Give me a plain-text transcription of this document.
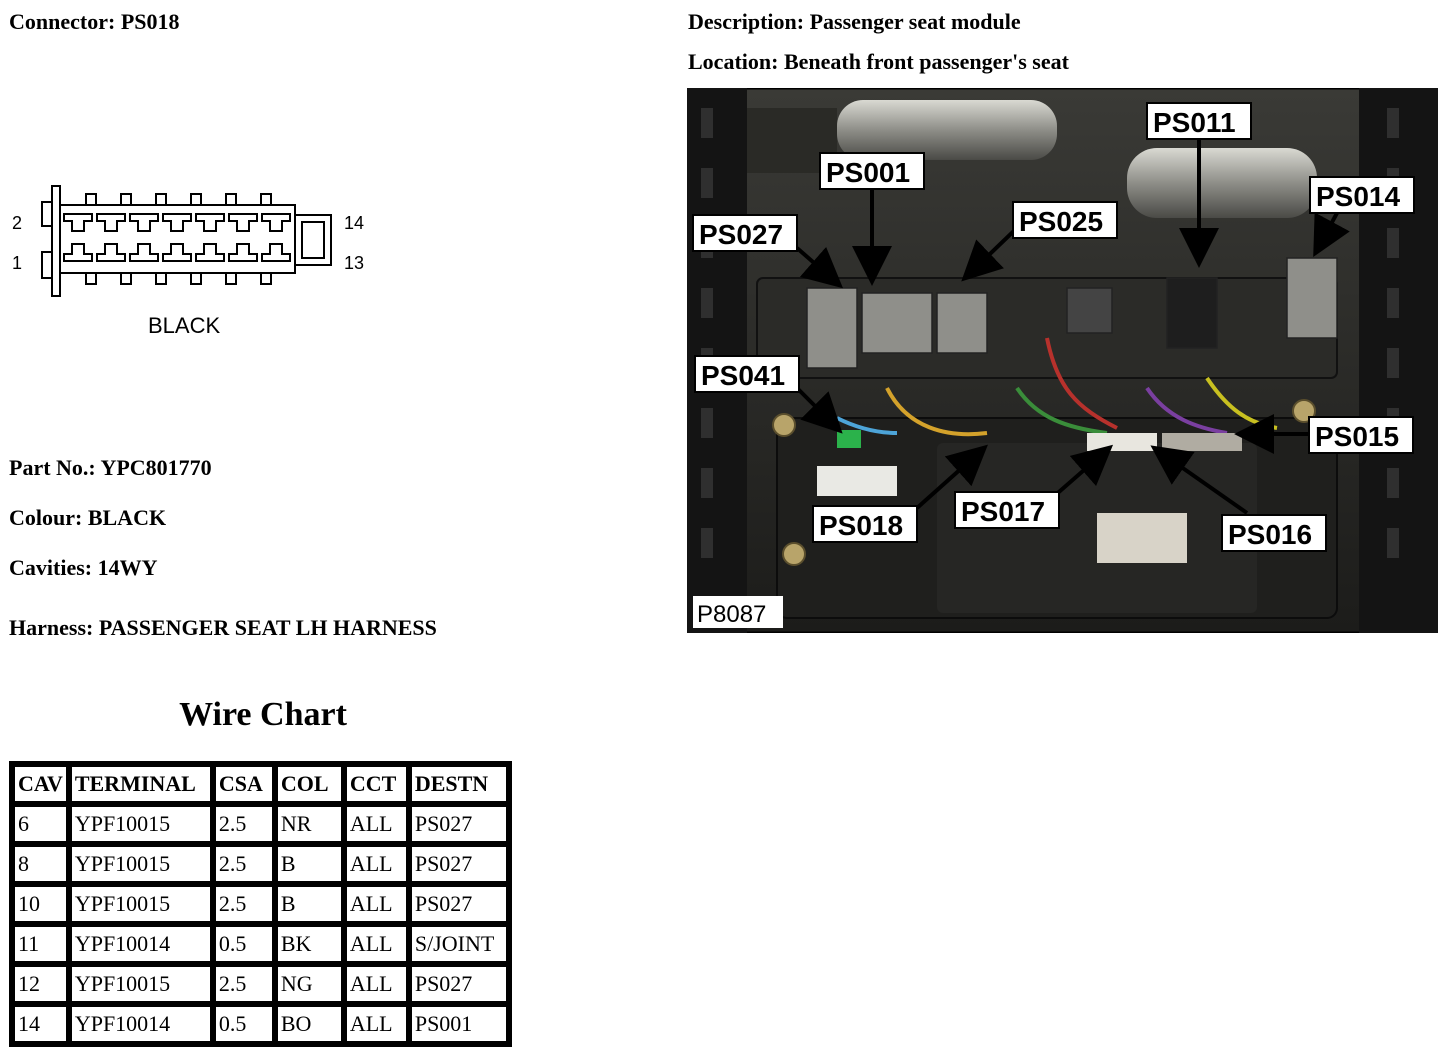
Connector: PS018	Description: Passenger seat module
Location: Beneath front passenger's seat
2
1
14
13
BLACK
Part No.: YPC801770
Colour: BLACK
Cavities: 14WY
Harness: PASSENGER SEAT LH HARNESS
Wire Chart
CAV	TERMINAL	CSA	COL	CCT	DESTN
6	YPF10015	2.5	NR	ALL	PS027
8	YPF10015	2.5	B	ALL	PS027
10	YPF10015	2.5	B	ALL	PS027
11	YPF10014	0.5	BK	ALL	S/JOINT
12	YPF10015	2.5	NG	ALL	PS027
14	YPF10014	0.5	BO	ALL	PS001
PS011
PS001
PS014
PS027	PS025
PS041
PS015
PS018 PS017
PS016
P8087
